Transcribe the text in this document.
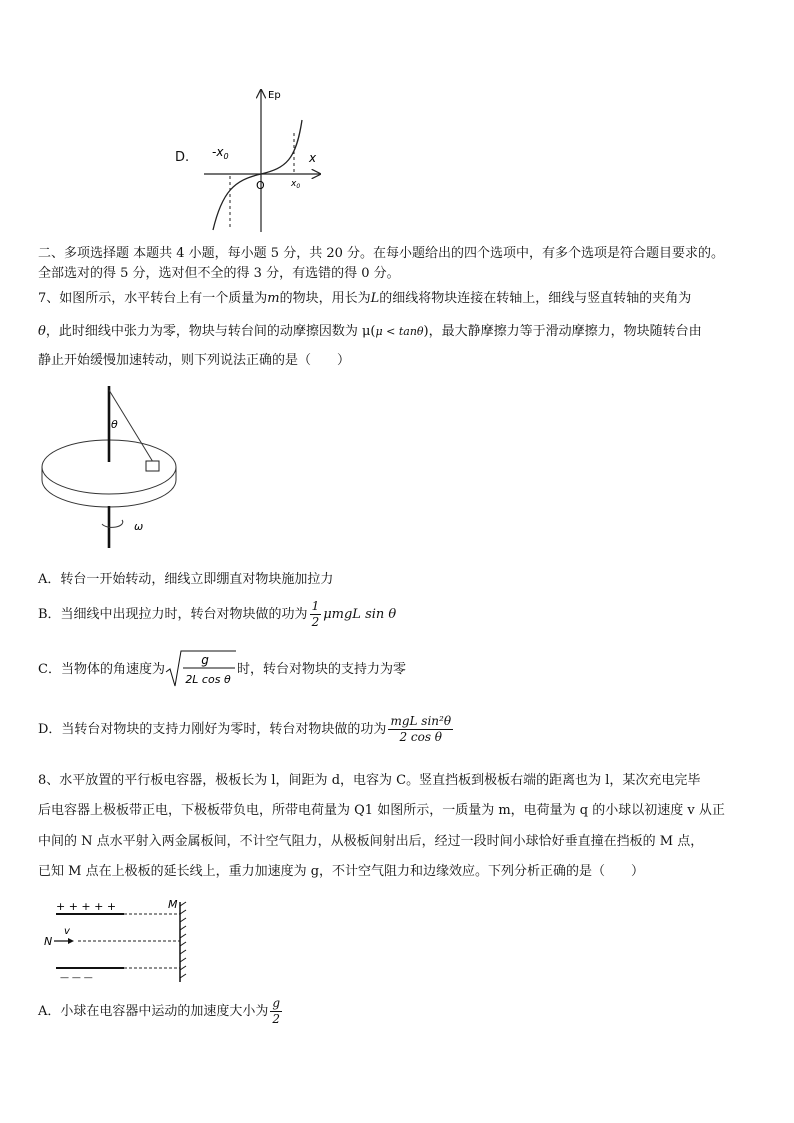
D.
Ep
x
$-x_0$
O	$x_0$
二、多项选择题 本题共 4 小题，每小题 5 分，共 20 分。在每小题给出的四个选项中，有多个选项是符合题目要求的。
全部选对的得 5 分，选对但不全的得 3 分，有选错的得 0 分。
7、如图所示，水平转台上有一个质量为m的物块，用长为L的细线将物块连接在转轴上，细线与竖直转轴的夹角为
θ，此时细线中张力为零，物块与转台间的动摩擦因数为 μ(μ < tanθ)，最大静摩擦力等于滑动摩擦力，物块随转台由
静止开始缓慢加速转动，则下列说法正确的是（　　）
θ
ω
A．转台一开始转动，细线立即绷直对物块施加拉力
B．当细线中出现拉力时，转台对物块做的功为 $\frac{1}{2}$ μmgL sin θ
C．当物体的角速度为
g
2L cos θ
时，转台对物块的支持力为零
D．当转台对物块的支持力刚好为零时，转台对物块做的功为 $\frac{\text{mgL sin²θ}}{\text{2 cos θ}}$
8、水平放置的平行板电容器，极板长为 l，间距为 d，电容为 C。竖直挡板到极板右端的距离也为 l，某次充电完毕
后电容器上极板带正电，下极板带负电，所带电荷量为 Q1 如图所示，一质量为 m，电荷量为 q 的小球以初速度 v 从正
中间的 N 点水平射入两金属板间，不计空气阻力，从极板间射出后，经过一段时间小球恰好垂直撞在挡板的 M 点，
已知 M 点在上极板的延长线上，重力加速度为 g，不计空气阻力和边缘效应。下列分析正确的是（　　）
+ + + + +
— — —
M
N
v
A．小球在电容器中运动的加速度大小为 $\frac{g}{2}$
